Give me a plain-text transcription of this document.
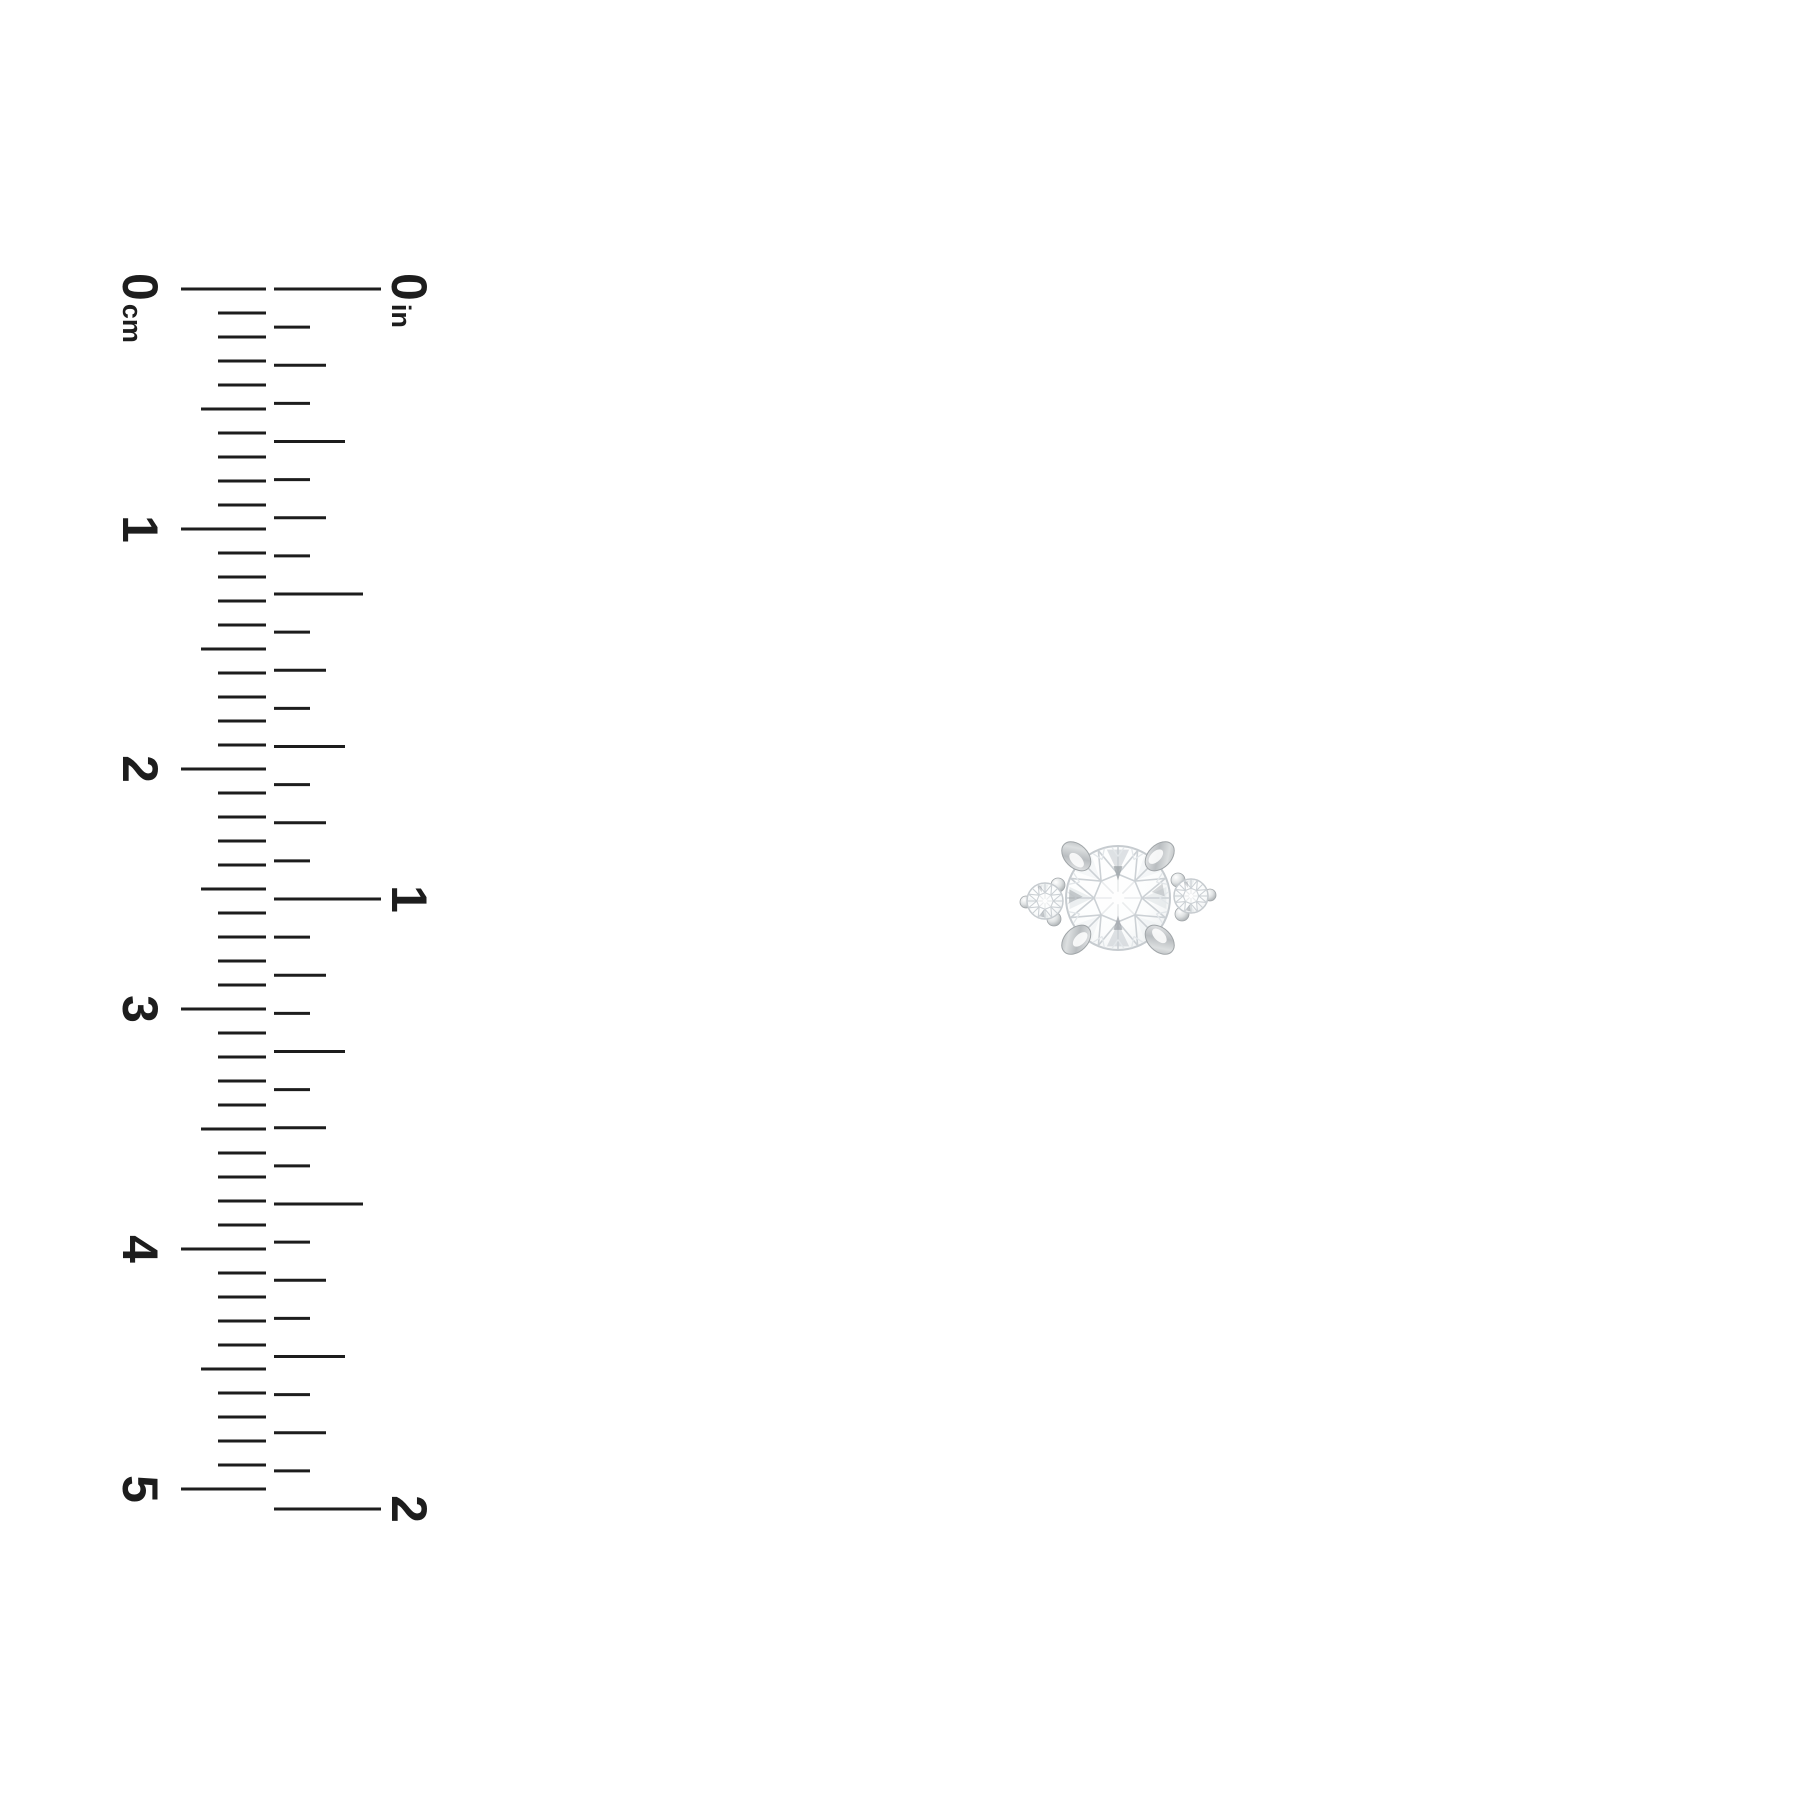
0cm
1
2
3
4
5
0in
1
2
